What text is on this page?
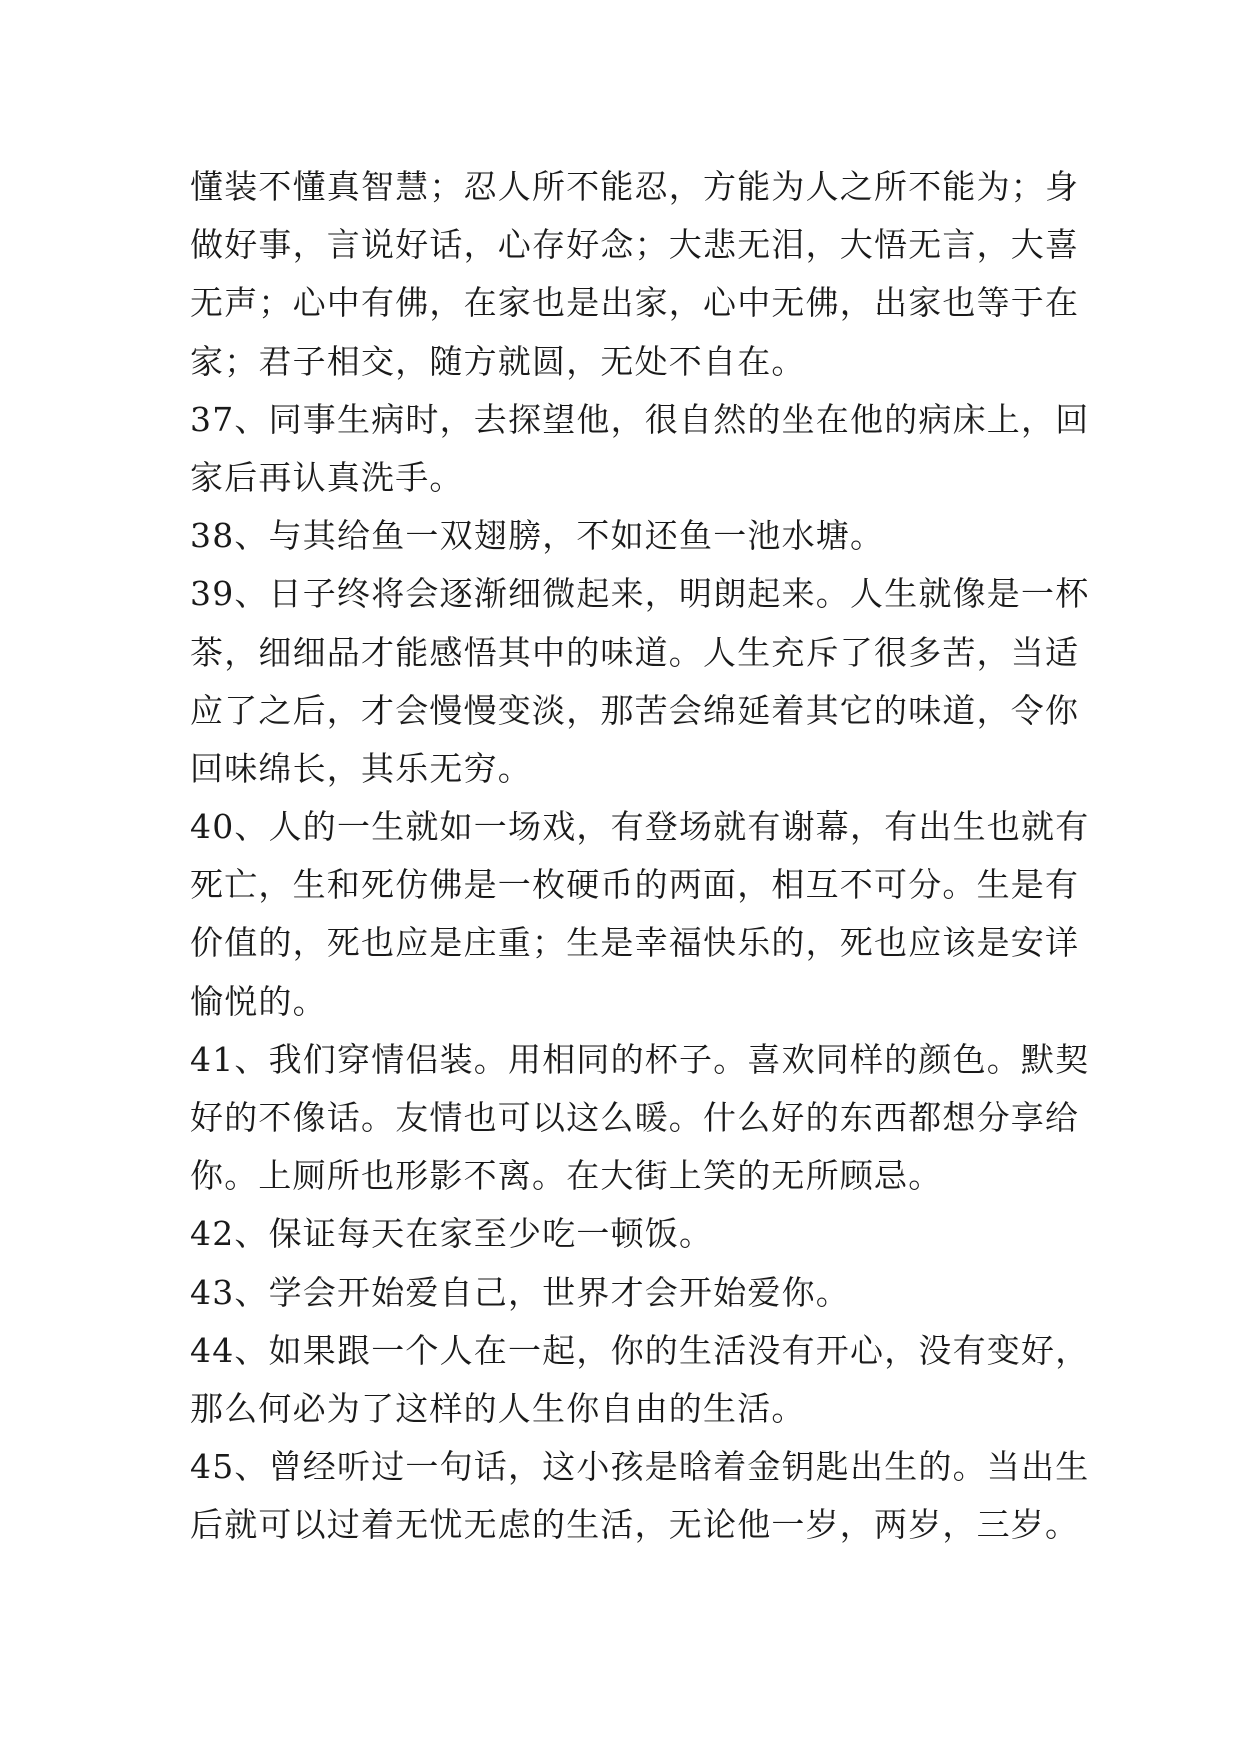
懂装不懂真智慧；忍人所不能忍，方能为人之所不能为；身
做好事，言说好话，心存好念；大悲无泪，大悟无言，大喜
无声；心中有佛，在家也是出家，心中无佛，出家也等于在
家；君子相交，随方就圆，无处不自在。
37、同事生病时，去探望他，很自然的坐在他的病床上，回
家后再认真洗手。
38、与其给鱼一双翅膀，不如还鱼一池水塘。
39、日子终将会逐渐细微起来，明朗起来。人生就像是一杯
茶，细细品才能感悟其中的味道。人生充斥了很多苦，当适
应了之后，才会慢慢变淡，那苦会绵延着其它的味道，令你
回味绵长，其乐无穷。
40、人的一生就如一场戏，有登场就有谢幕，有出生也就有
死亡，生和死仿佛是一枚硬币的两面，相互不可分。生是有
价值的，死也应是庄重；生是幸福快乐的，死也应该是安详
愉悦的。
41、我们穿情侣装。用相同的杯子。喜欢同样的颜色。默契
好的不像话。友情也可以这么暖。什么好的东西都想分享给
你。上厕所也形影不离。在大街上笑的无所顾忌。
42、保证每天在家至少吃一顿饭。
43、学会开始爱自己，世界才会开始爱你。
44、如果跟一个人在一起，你的生活没有开心，没有变好，
那么何必为了这样的人生你自由的生活。
45、曾经听过一句话，这小孩是晗着金钥匙出生的。当出生
后就可以过着无忧无虑的生活，无论他一岁，两岁，三岁。
